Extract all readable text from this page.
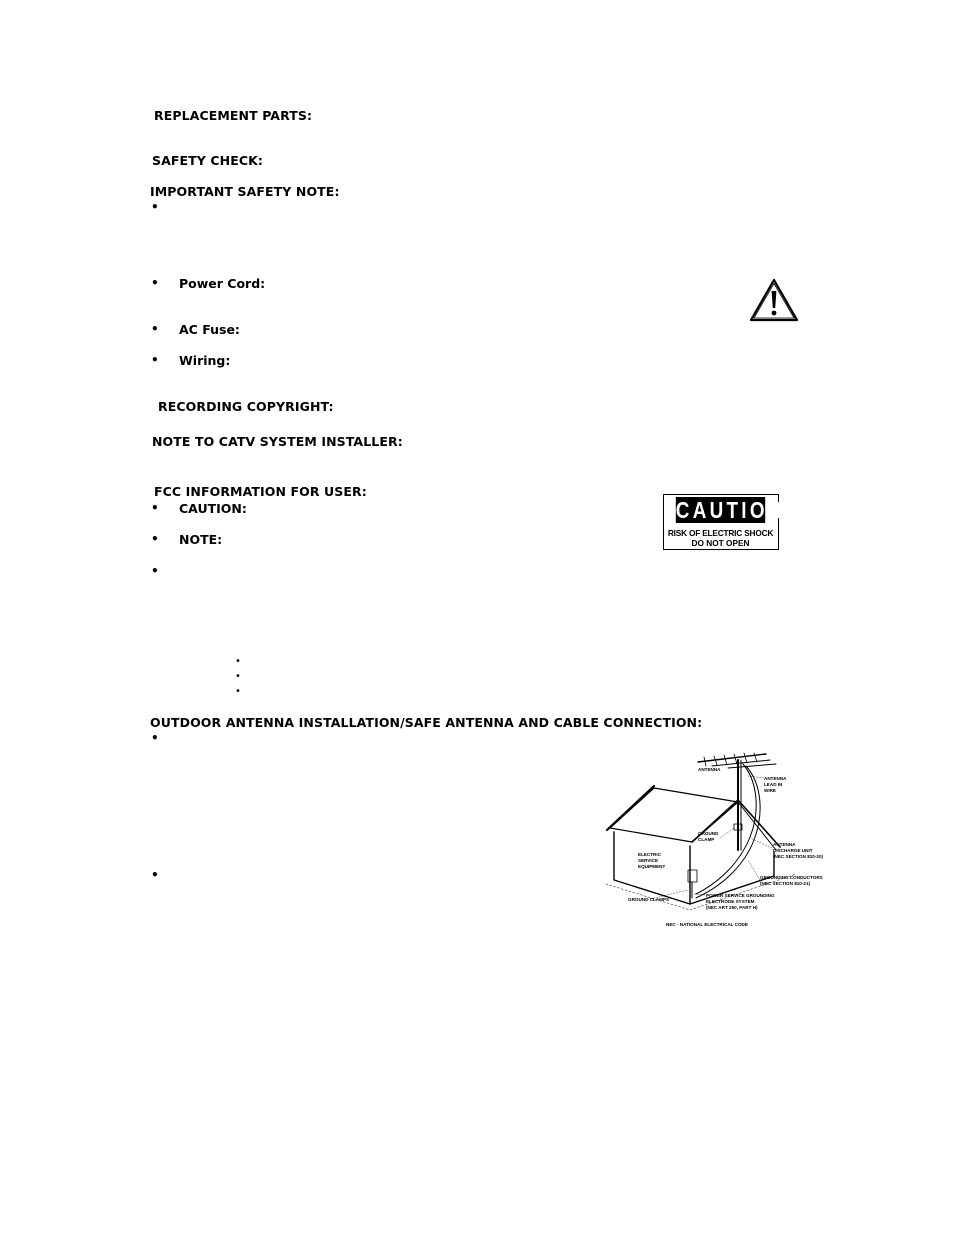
REPLACEMENT PARTS:
SAFETY CHECK:
IMPORTANT SAFETY NOTE:
•
• Power Cord:
• AC Fuse:
• Wiring:
RECORDING COPYRIGHT:
NOTE TO CATV SYSTEM INSTALLER:
FCC INFORMATION FOR USER:
• CAUTION:
• NOTE:
•
•
•
•
CAUTION
RISK OF ELECTRIC SHOCK
DO NOT OPEN
OUTDOOR ANTENNA INSTALLATION/SAFE ANTENNA AND CABLE CONNECTION:
•
•
ANTENNA
ANTENNA
LEAD IN
WIRE
GROUND
CLAMP
ANTENNA
DISCHARGE UNIT
(NEC SECTION 810-20)
ELECTRIC
SERVICE
EQUIPMENT
GROUNDING CONDUCTORS
(NEC SECTION 810-21)
GROUND CLAMPS
POWER SERVICE GROUNDING
ELECTRODE SYSTEM
(NEC ART 250, PART H)
NEC - NATIONAL ELECTRICAL CODE
